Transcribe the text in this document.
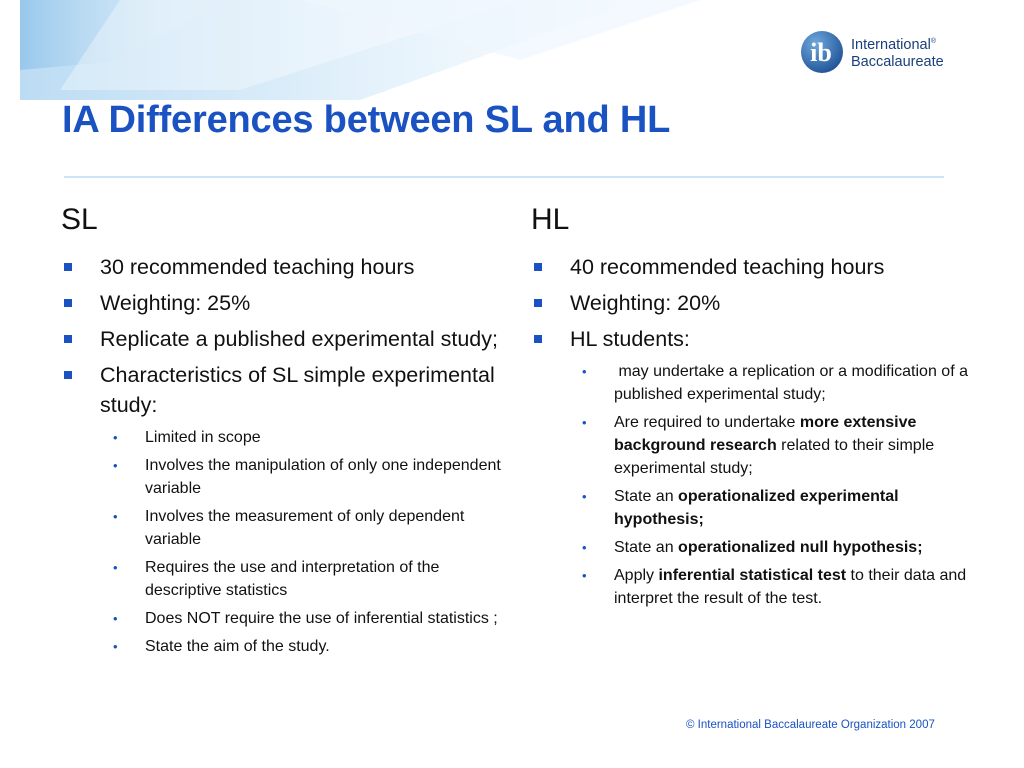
ib International®
Baccalaureate
IA Differences between SL and HL
SL
30 recommended teaching hours
Weighting: 25%
Replicate a published experimental study;
Characteristics of SL simple experimental study:
• Limited in scope
• Involves the manipulation of only one independent variable
• Involves the measurement of only dependent variable
• Requires the use and interpretation of the descriptive statistics
• Does NOT require the use of inferential statistics ;
• State the aim of the study.
HL
40 recommended teaching hours
Weighting: 20%
HL students:
• may undertake a replication or a modification of a published experimental study;
• Are required to undertake more extensive background research related to their simple experimental study;
• State an operationalized experimental hypothesis;
• State an operationalized null hypothesis;
• Apply inferential statistical test to their data and interpret the result of the test.
© International Baccalaureate Organization 2007
